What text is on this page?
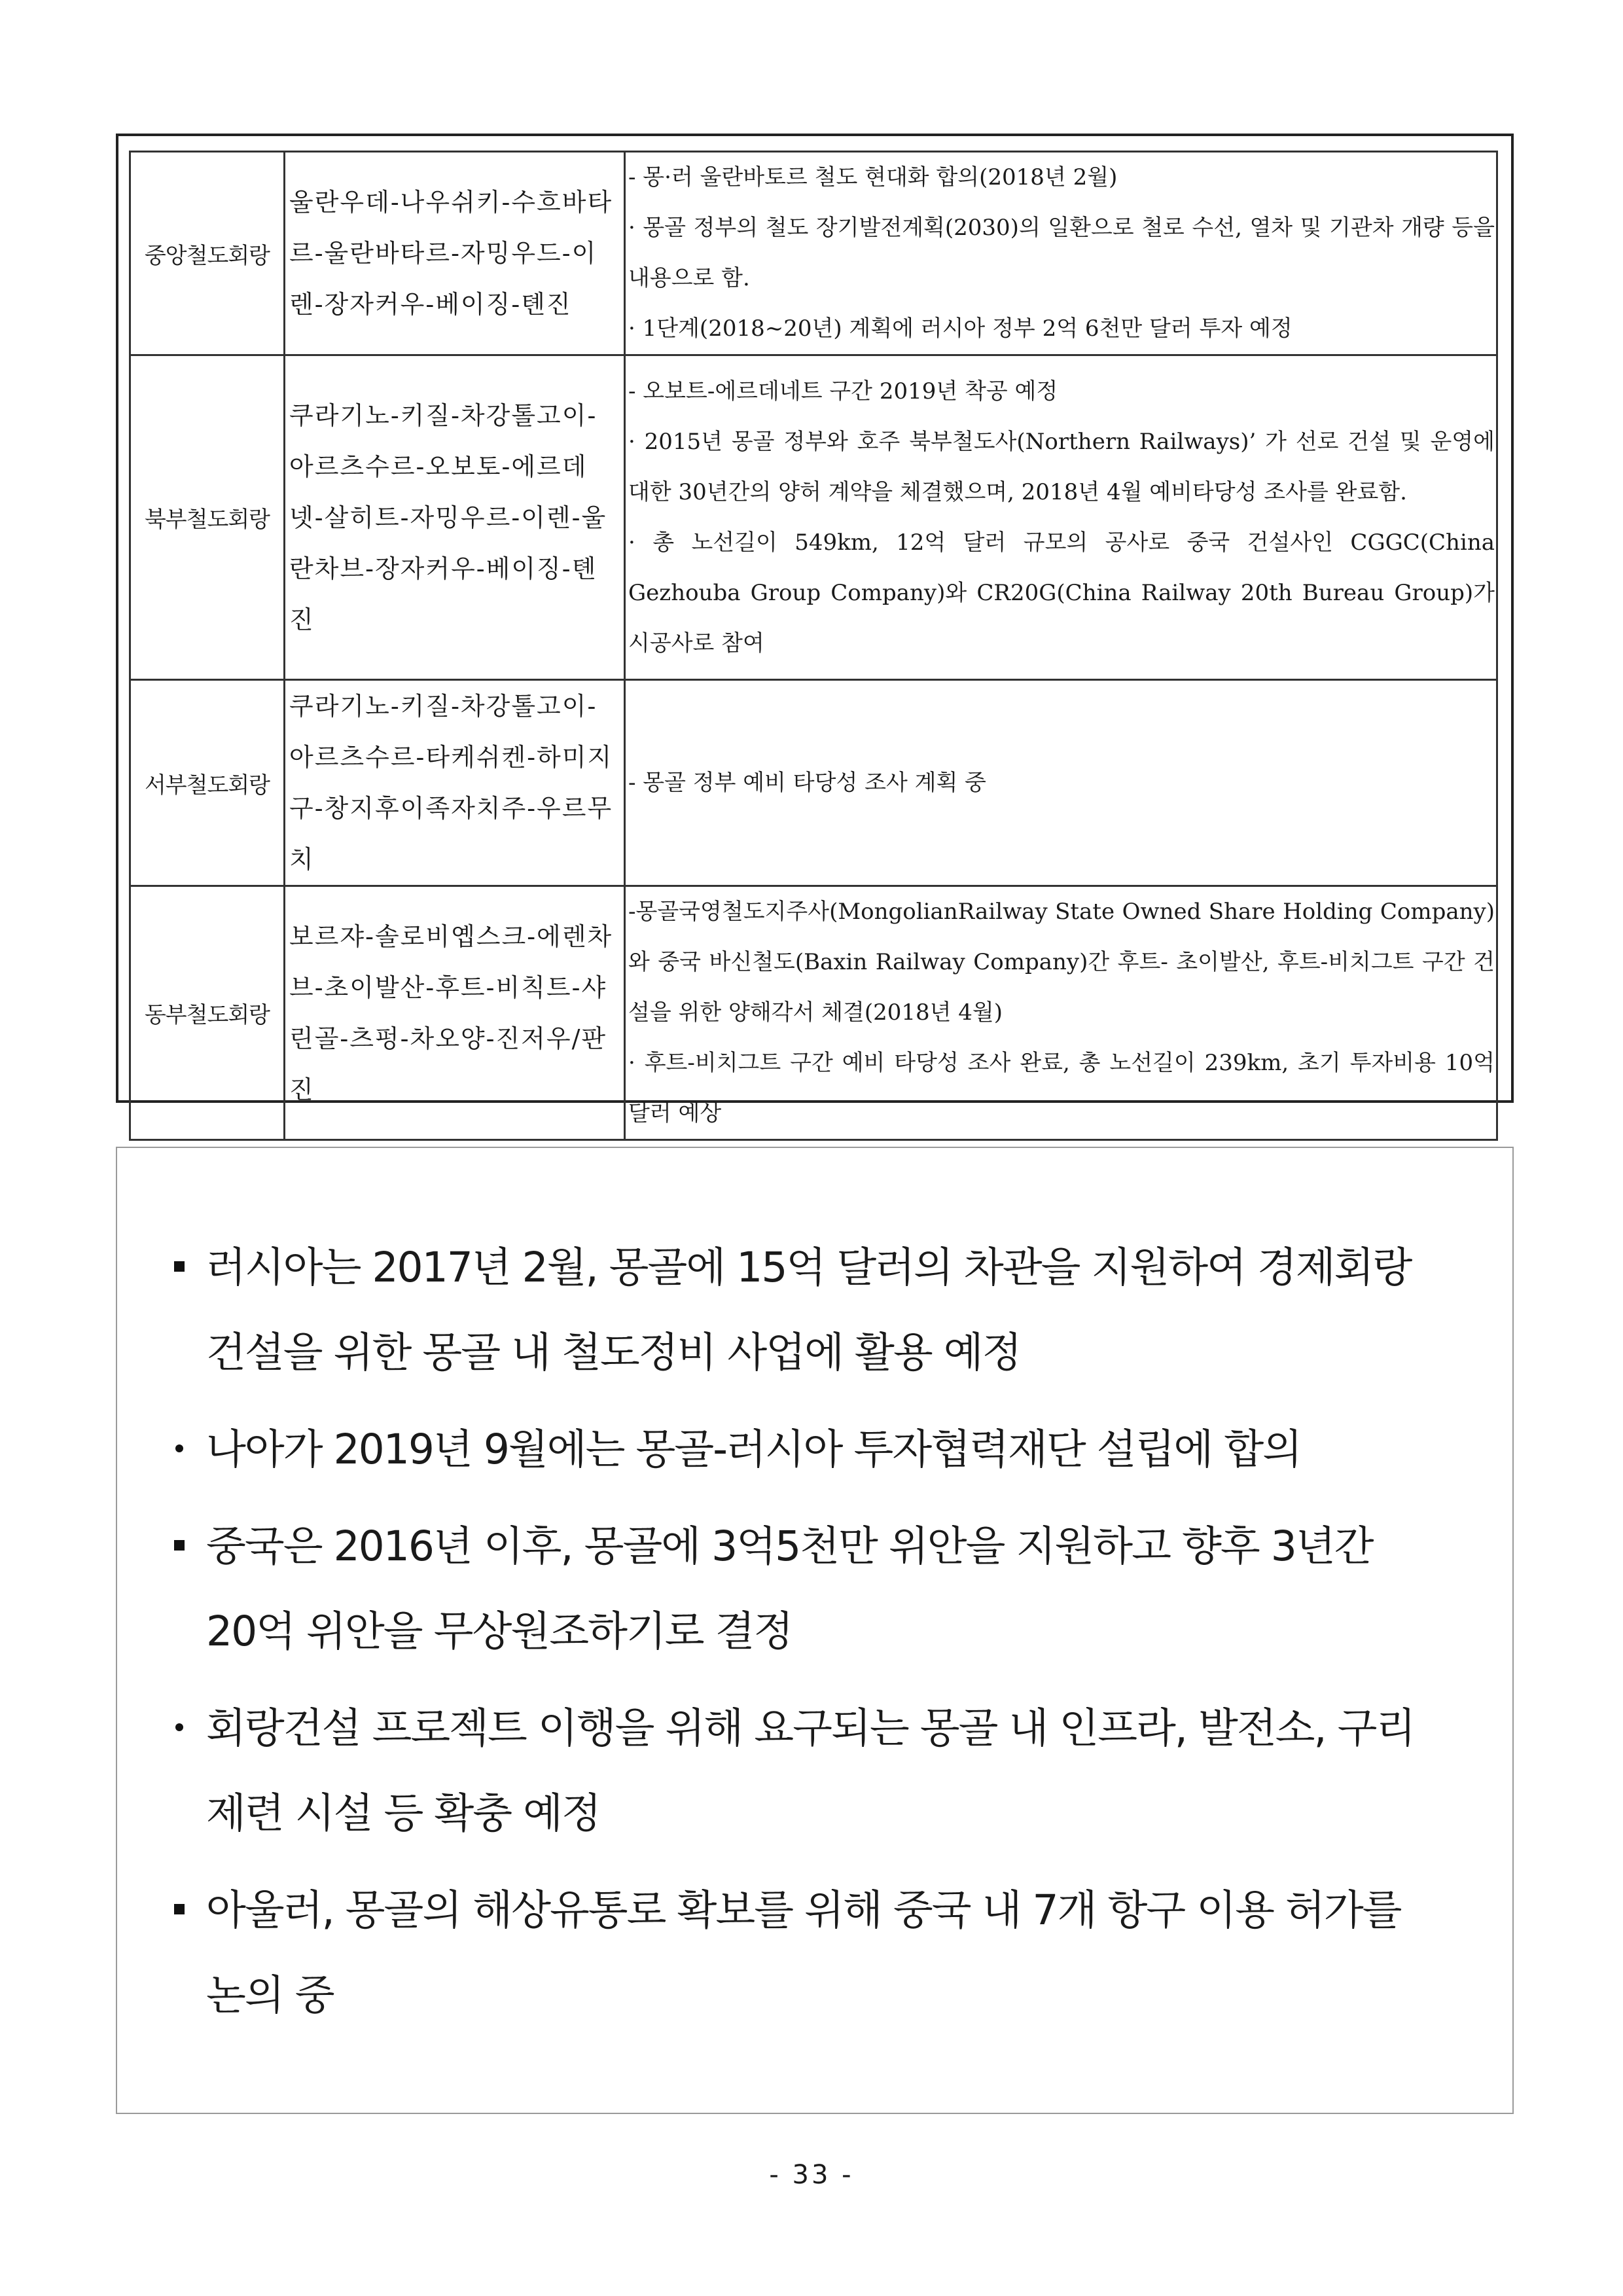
중앙철도회랑	울란우데-나우쉬키-수흐바타르-울란바타르-자밍우드-이렌-장자커우-베이징-톈진	- 몽·러 울란바토르 철도 현대화 합의(2018년 2월)
· 몽골 정부의 철도 장기발전계획(2030)의 일환으로 철로 수선, 열차 및 기관차 개량 등을 내용으로 함.
· 1단계(2018~20년) 계획에 러시아 정부 2억 6천만 달러 투자 예정

북부철도회랑	쿠라기노-키질-차강톨고이-아르츠수르-오보토-에르데넷-살히트-자밍우르-이렌-울란차브-장자커우-베이징-톈진	- 오보트-에르데네트 구간 2019년 착공 예정
· 2015년 몽골 정부와 호주 북부철도사(Northern Railways)’ 가 선로 건설 및 운영에 대한 30년간의 양허 계약을 체결했으며, 2018년 4월 예비타당성 조사를 완료함.
· 총 노선길이 549km, 12억 달러 규모의 공사로 중국 건설사인 CGGC(China Gezhouba Group Company)와 CR20G(China Railway 20th Bureau Group)가 시공사로 참여

서부철도회랑	쿠라기노-키질-차강톨고이-아르츠수르-타케쉬켄-하미지구-창지후이족자치주-우르무치	- 몽골 정부 예비 타당성 조사 계획 중

동부철도회랑	보르쟈-솔로비옙스크-에렌차브-초이발산-후트-비칙트-샤린골-츠펑-차오양-진저우/판진	-몽골국영철도지주사(MongolianRailway State Owned Share Holding Company)와 중국 바신철도(Baxin Railway Company)간 후트- 초이발산, 후트-비치그트 구간 건설을 위한 양해각서 체결(2018년 4월)
· 후트-비치그트 구간 예비 타당성 조사 완료, 총 노선길이 239km, 초기 투자비용 10억 달러 예상
러시아는 2017년 2월, 몽골에 15억 달러의 차관을 지원하여 경제회랑 건설을 위한 몽골 내 철도정비 사업에 활용 예정
나아가 2019년 9월에는 몽골-러시아 투자협력재단 설립에 합의
중국은 2016년 이후, 몽골에 3억5천만 위안을 지원하고 향후 3년간 20억 위안을 무상원조하기로 결정
회랑건설 프로젝트 이행을 위해 요구되는 몽골 내 인프라, 발전소, 구리 제련 시설 등 확충 예정
아울러, 몽골의 해상유통로 확보를 위해 중국 내 7개 항구 이용 허가를 논의 중
- 33 -
